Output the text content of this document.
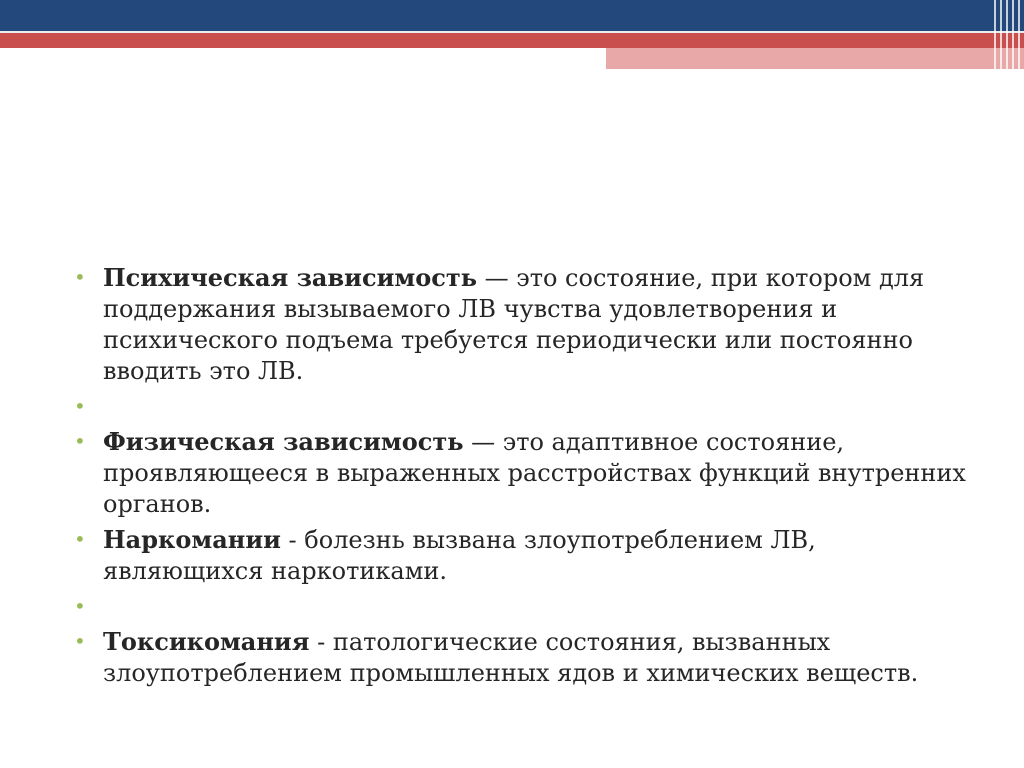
• Психическая зависимость — это состояние, при котором для поддержания вызываемого ЛВ чувства удовлетворения и психического подъема требуется периодически или постоянно вводить это ЛВ.
•
• Физическая зависимость — это адаптивное состояние, проявляющееся в выраженных расстройствах функций внутренних органов.
• Наркомании - болезнь вызвана злоупотреблением ЛВ, являющихся наркотиками.
•
• Токсикомания - патологические состояния, вызванных злоупотреблением промышленных ядов и химических веществ.
